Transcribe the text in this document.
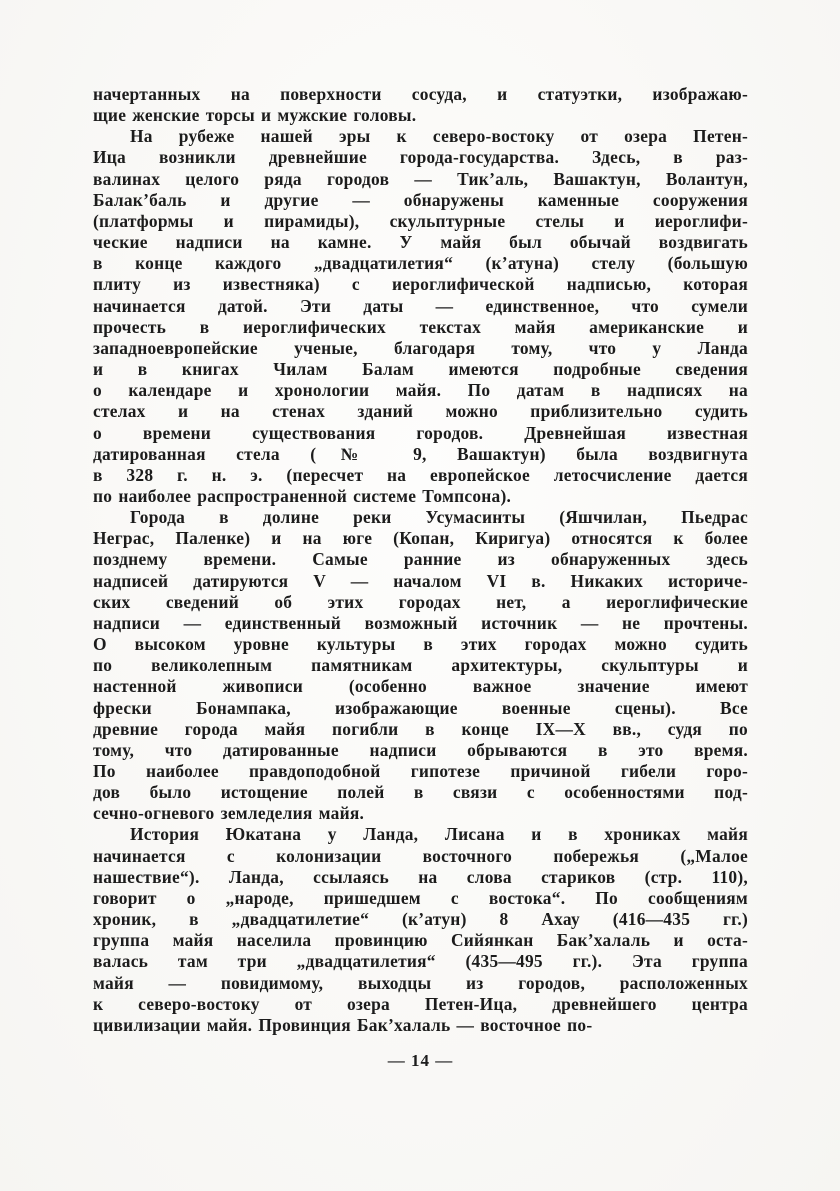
начертанных на поверхности сосуда, и статуэтки, изображаю-
щие женские торсы и мужские головы.
На рубеже нашей эры к северо-востоку от озера Петен-
Ица возникли древнейшие города-государства. Здесь, в раз-
валинах целого ряда городов — Тик’аль, Вашактун, Волантун,
Балак’баль и другие — обнаружены каменные сооружения
(платформы и пирамиды), скульптурные стелы и иероглифи-
ческие надписи на камне. У майя был обычай воздвигать
в конце каждого „двадцатилетия“ (к’атуна) стелу (большую
плиту из известняка) с иероглифической надписью, которая
начинается датой. Эти даты — единственное, что сумели
прочесть в иероглифических текстах майя американские и
западноевропейские ученые, благодаря тому, что у Ланда
и в книгах Чилам Балам имеются подробные сведения
о календаре и хронологии майя. По датам в надписях на
стелах и на стенах зданий можно приблизительно судить
о времени существования городов. Древнейшая известная
датированная стела (№ 9, Вашактун) была воздвигнута
в 328 г. н. э. (пересчет на европейское летосчисление дается
по наиболее распространенной системе Томпсона).
Города в долине реки Усумасинты (Яшчилан, Пьедрас
Неграс, Паленке) и на юге (Копан, Киригуа) относятся к более
позднему времени. Самые ранние из обнаруженных здесь
надписей датируются V — началом VI в. Никаких историче-
ских сведений об этих городах нет, а иероглифические
надписи — единственный возможный источник — не прочтены.
О высоком уровне культуры в этих городах можно судить
по великолепным памятникам архитектуры, скульптуры и
настенной живописи (особенно важное значение имеют
фрески Бонампака, изображающие военные сцены). Все
древние города майя погибли в конце IX—X вв., судя по
тому, что датированные надписи обрываются в это время.
По наиболее правдоподобной гипотезе причиной гибели горо-
дов было истощение полей в связи с особенностями под-
сечно-огневого земледелия майя.
История Юкатана у Ланда, Лисана и в хрониках майя
начинается с колонизации восточного побережья („Малое
нашествие“). Ланда, ссылаясь на слова стариков (стр. 110),
говорит о „народе, пришедшем с востока“. По сообщениям
хроник, в „двадцатилетие“ (к’атун) 8 Ахау (416—435 гг.)
группа майя населила провинцию Сийянкан Бак’халаль и оста-
валась там три „двадцатилетия“ (435—495 гг.). Эта группа
майя — повидимому, выходцы из городов, расположенных
к северо-востоку от озера Петен-Ица, древнейшего центра
цивилизации майя. Провинция Бак’халаль — восточное по-
— 14 —
